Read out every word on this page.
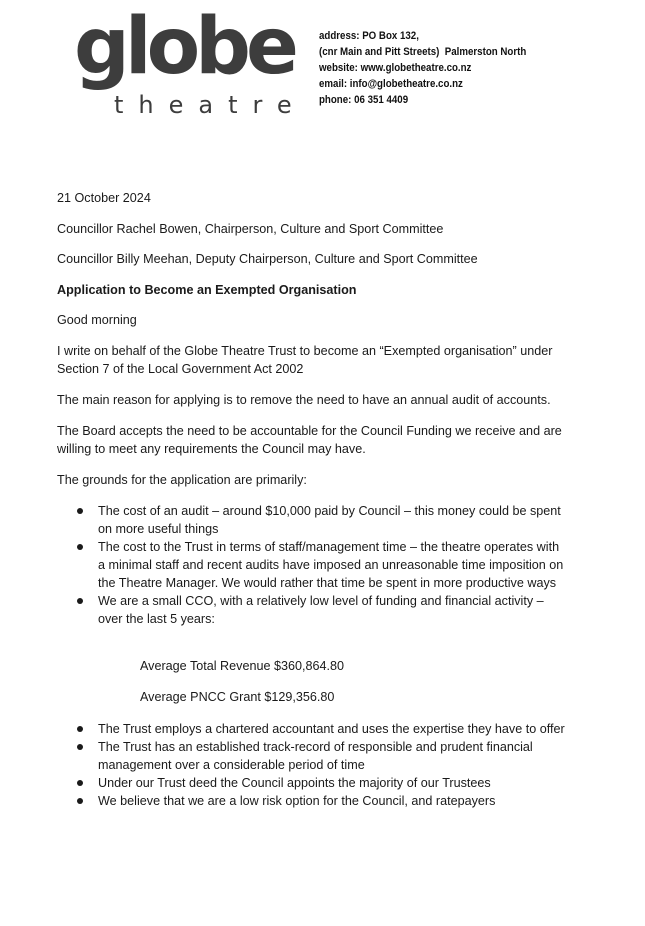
globe
theatre
address: PO Box 132,
(cnr Main and Pitt Streets)  Palmerston North
website: www.globetheatre.co.nz
email: info@globetheatre.co.nz
phone: 06 351 4409

21 October 2024

Councillor Rachel Bowen, Chairperson, Culture and Sport Committee

Councillor Billy Meehan, Deputy Chairperson, Culture and Sport Committee

Application to Become an Exempted Organisation

Good morning

I write on behalf of the Globe Theatre Trust to become an “Exempted organisation” under Section 7 of the Local Government Act 2002

The main reason for applying is to remove the need to have an annual audit of accounts.

The Board accepts the need to be accountable for the Council Funding we receive and are willing to meet any requirements the Council may have.

The grounds for the application are primarily:

The cost of an audit – around $10,000 paid by Council – this money could be spent on more useful things
The cost to the Trust in terms of staff/management time – the theatre operates with a minimal staff and recent audits have imposed an unreasonable time imposition on the Theatre Manager. We would rather that time be spent in more productive ways
We are a small CCO, with a relatively low level of funding and financial activity – over the last 5 years:

Average Total Revenue $360,864.80

Average PNCC Grant $129,356.80

The Trust employs a chartered accountant and uses the expertise they have to offer
The Trust has an established track-record of responsible and prudent financial management over a considerable period of time
Under our Trust deed the Council appoints the majority of our Trustees
We believe that we are a low risk option for the Council, and ratepayers
